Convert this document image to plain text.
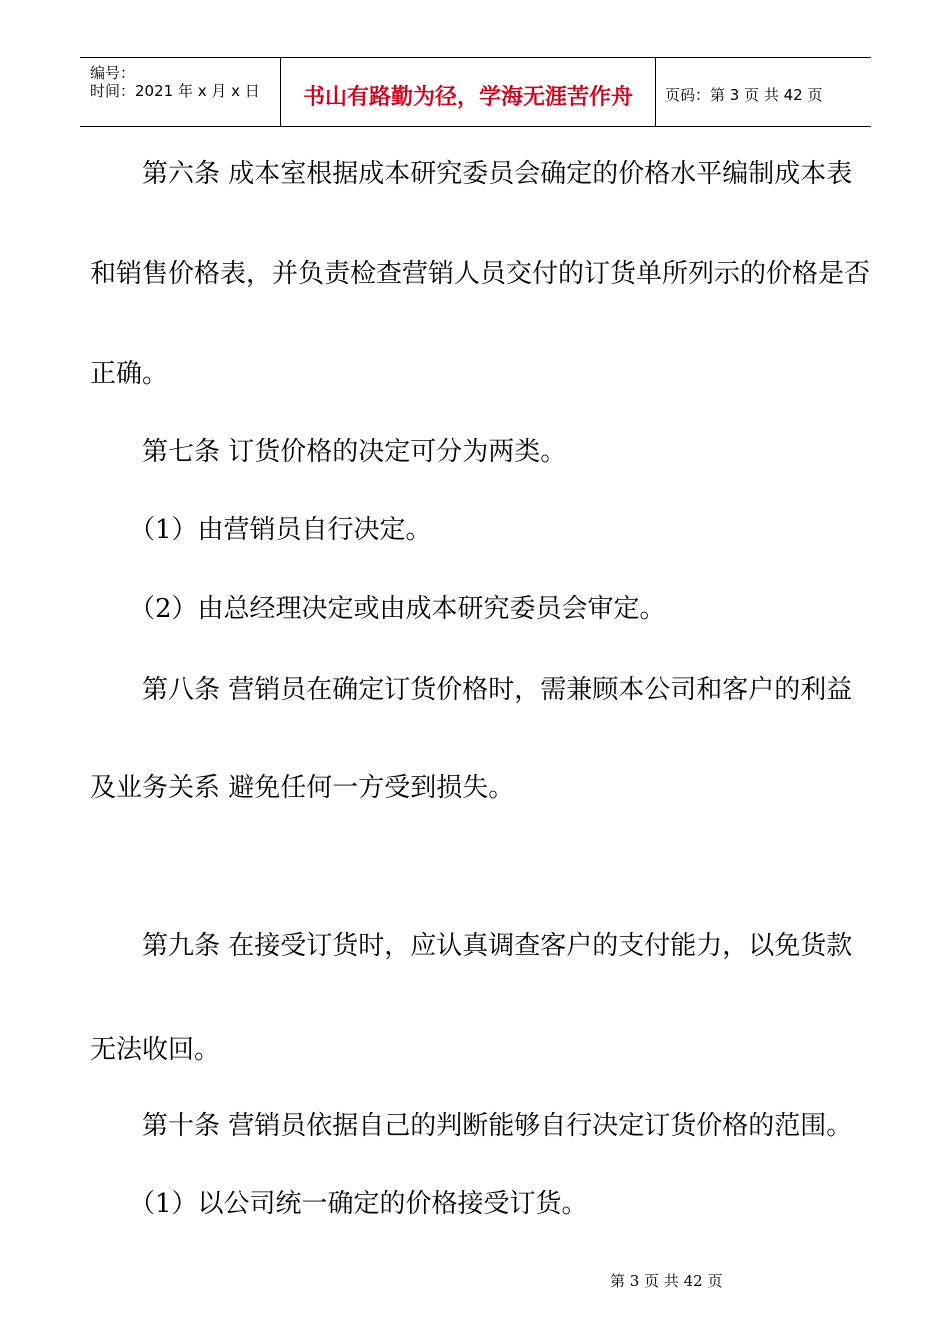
编号：
时间：2021 年 x 月 x 日	书山有路勤为径，学海无涯苦作舟	页码：第 3 页 共 42 页

　　第六条 成本室根据成本研究委员会确定的价格水平编制成本表

和销售价格表，并负责检查营销人员交付的订货单所列示的价格是否

正确。

　　第七条 订货价格的决定可分为两类。

　　（1）由营销员自行决定。

　　（2）由总经理决定或由成本研究委员会审定。

　　第八条 营销员在确定订货价格时，需兼顾本公司和客户的利益

及业务关系 避免任何一方受到损失。

　　第九条 在接受订货时，应认真调查客户的支付能力，以免货款

无法收回。

　　第十条 营销员依据自己的判断能够自行决定订货价格的范围。

　　（1）以公司统一确定的价格接受订货。

第 3 页 共 42 页
